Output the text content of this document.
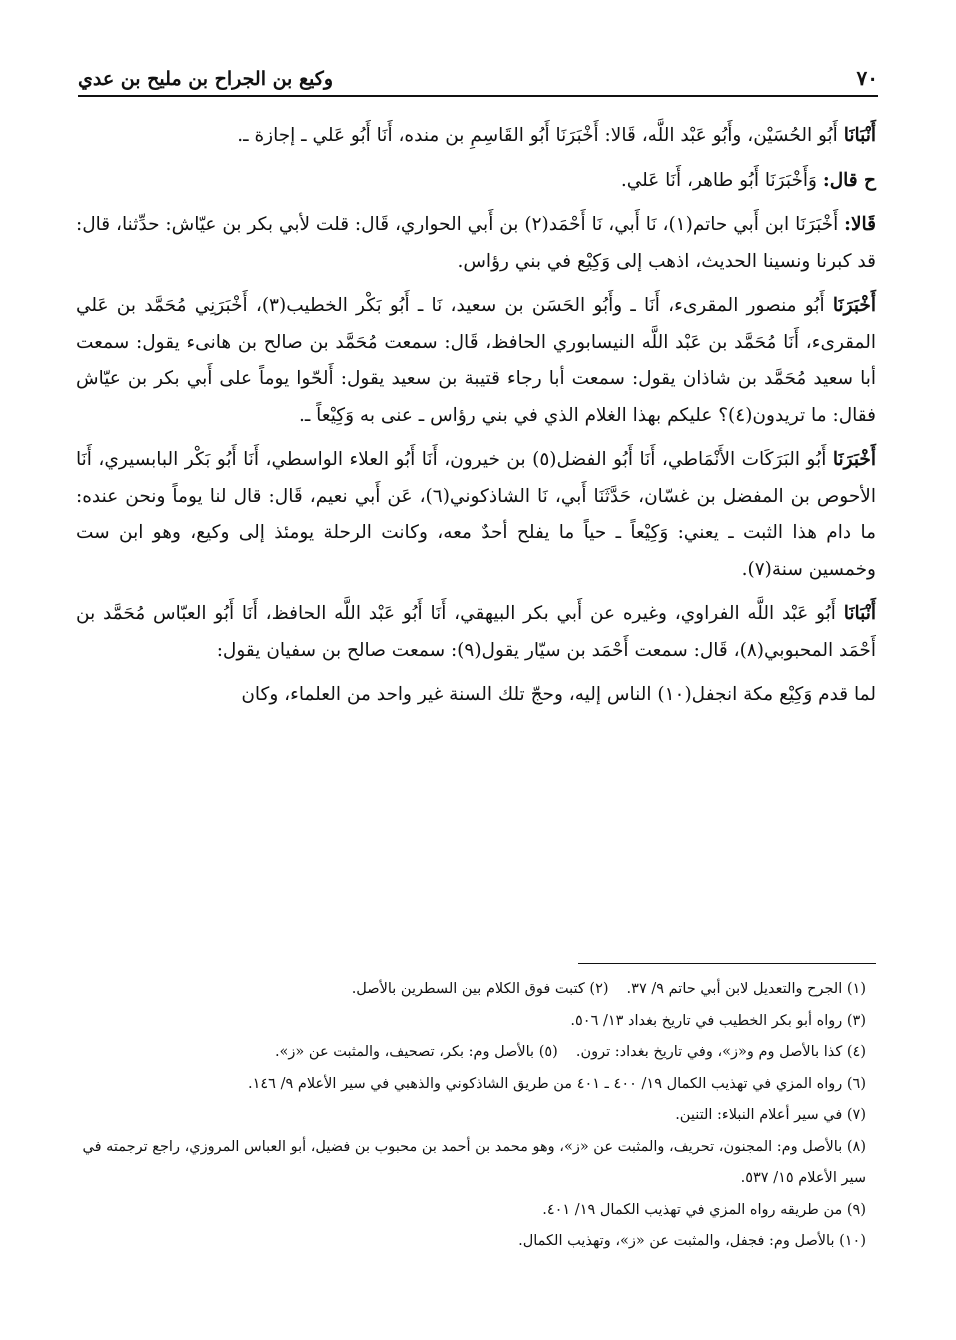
٧٠
وكيع بن الجراح بن مليح بن عدي

أَنْبَانَا أَبُو الحُسَيْن، وأَبُو عَبْد اللَّه، قَالا: أَخْبَرَنَا أَبُو القَاسِمِ بن منده، أَنَا أَبُو عَلي ـ إجازة ـ.

ح قال: وَأَخْبَرَنَا أَبُو طاهر، أَنَا عَلي.

قَالا: أَخْبَرَنَا ابن أَبي حاتم(١)، نَا أَبي، نَا أَحْمَد(٢) بن أَبي الحواري، قَال: قلت لأبي بكر بن عيّاش: حدِّثنا، قال: قد كبرنا ونسينا الحديث، اذهب إلى وَكِيْع في بني رؤاس.

أَخْبَرَنَا أَبُو منصور المقرىء، أَنَا ـ وأَبُو الحَسَن بن سعيد، نَا ـ أَبُو بَكْر الخطيب(٣)، أَخْبَرَنِي مُحَمَّد بن عَلي المقرىء، أَنَا مُحَمَّد بن عَبْد اللَّه النيسابوري الحافظ، قَال: سمعت مُحَمَّد بن صالح بن هانىء يقول: سمعت أبا سعيد مُحَمَّد بن شاذان يقول: سمعت أبا رجاء قتيبة بن سعيد يقول: أَلحّوا يوماً على أَبي بكر بن عيّاش فقال: ما تريدون(٤)؟ عليكم بهذا الغلام الذي في بني رؤاس ـ عنى به وَكِيْعاً ـ.

أَخْبَرَنَا أَبُو البَرَكَات الأَنْمَاطي، أَنَا أَبُو الفضل(٥) بن خيرون، أَنَا أَبُو العلاء الواسطي، أَنَا أَبُو بَكْر البابسيري، أَنَا الأحوص بن المفضل بن غسّان، حَدَّثَنَا أَبي، نَا الشاذكوني(٦)، عَن أَبي نعيم، قَال: قال لنا يوماً ونحن عنده: ما دام هذا الثبت ـ يعني: وَكِيْعاً ـ حياً ما يفلح أحدٌ معه، وكانت الرحلة يومئذ إلى وكيع، وهو ابن ست وخمسين سنة(٧).

أَنْبَانَا أَبُو عَبْد اللَّه الفراوي، وغيره عن أَبي بكر البيهقي، أَنَا أَبُو عَبْد اللَّه الحافظ، أَنَا أَبُو العبّاس مُحَمَّد بن أَحْمَد المحبوبي(٨)، قَال: سمعت أَحْمَد بن سيّار يقول(٩): سمعت صالح بن سفيان يقول:

لما قدم وَكِيْع مكة انجفل(١٠) الناس إليه، وحجّ تلك السنة غير واحد من العلماء، وكان

(١) الجرح والتعديل لابن أبي حاتم ٩/ ٣٧.
(٢) كتبت فوق الكلام بين السطرين بالأصل.
(٣) رواه أبو بكر الخطيب في تاريخ بغداد ١٣/ ٥٠٦.
(٤) كذا بالأصل وم و«ز»، وفي تاريخ بغداد: ترون.
(٥) بالأصل وم: بكر، تصحيف، والمثبت عن «ز».
(٦) رواه المزي في تهذيب الكمال ١٩/ ٤٠٠ ـ ٤٠١ من طريق الشاذكوني والذهبي في سير الأعلام ٩/ ١٤٦.
(٧) في سير أعلام النبلاء: التنين.
(٨) بالأصل وم: المجنون، تحريف، والمثبت عن «ز»، وهو محمد بن أحمد بن محبوب بن فضيل، أبو العباس المروزي، راجع ترجمته في سير الأعلام ١٥/ ٥٣٧.
(٩) من طريقه رواه المزي في تهذيب الكمال ١٩/ ٤٠١.
(١٠) بالأصل وم: فجفل، والمثبت عن «ز»، وتهذيب الكمال.
